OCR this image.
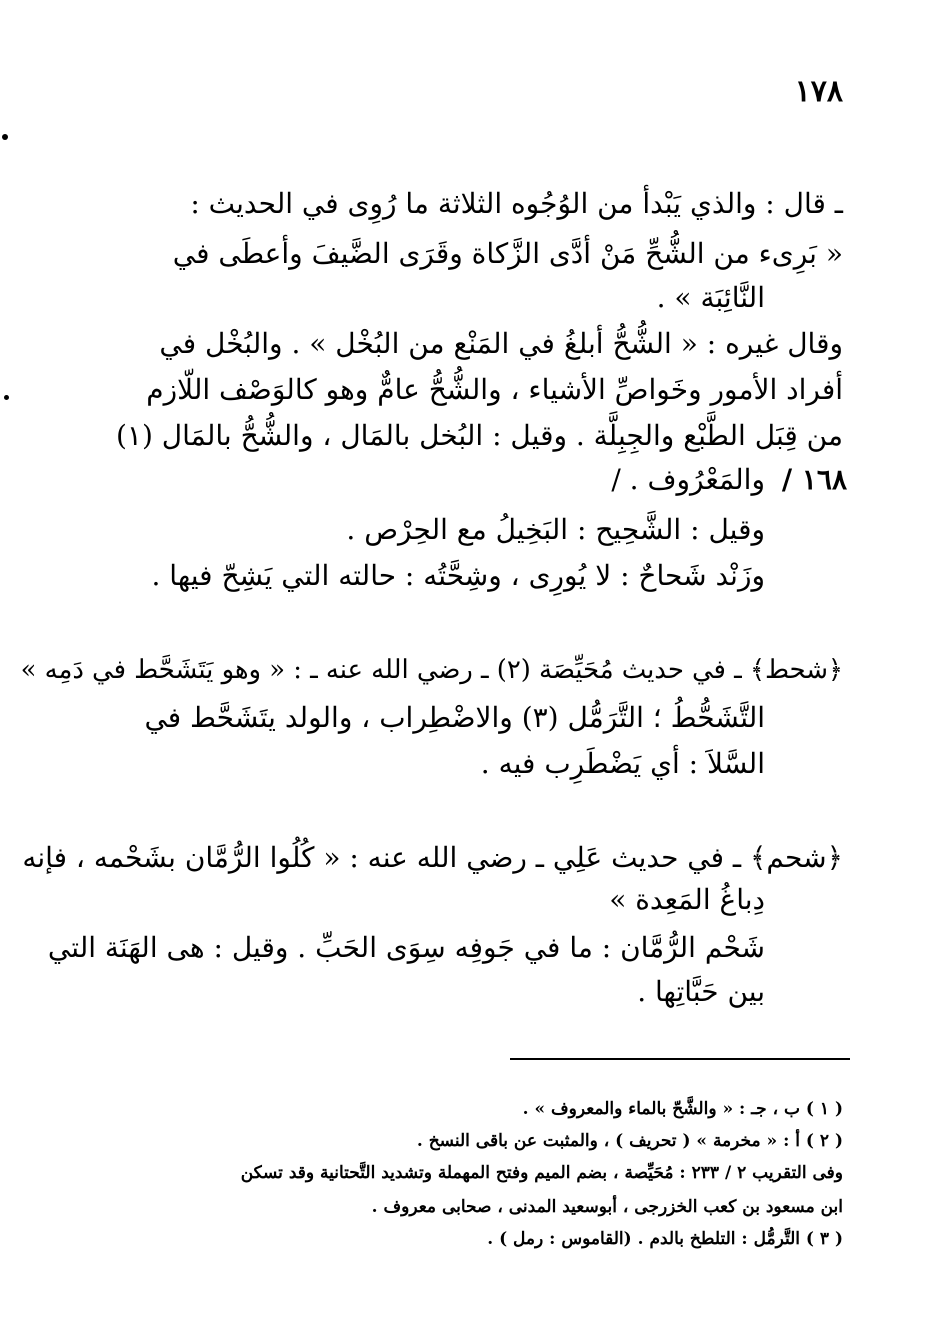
١٧٨
ـ قال : والذي يَبْدأ من الوُجُوه الثلاثة ما رُوِى في الحديث :
« بَرِىء من الشُّحِّ مَنْ أدَّى الزَّكاة وقَرَى الضَّيفَ وأعطَى في
النَّائِبَة » .
وقال غيره : « الشُّحُّ أبلغُ في المَنْع من البُخْل » . والبُخْل في
أفراد الأمور وخَواصِّ الأشياء ، والشُّحُّ عامٌّ وهو كالوَصْف اللّازم
من قِبَل الطَّبْع والجِبِلَّة . وقيل : البُخل بالمَال ، والشُّحُّ بالمَال (١)
١٦٨ /
والمَعْرُوف . /
وقيل : الشَّحِيح : البَخِيلُ مع الحِرْص .
وزَنْد شَحاحٌ : لا يُورِى ، وشِحَّتُه : حالته التي يَشِحّ فيها .
﴿شحط﴾ ـ في حديث مُحَيِّصَة (٢) ـ رضي الله عنه ـ : « وهو يَتَشَحَّط في دَمِه »
التَّشَحُّطُ ؛ التَّرَمُّل (٣) والاضْطِراب ، والولد يتَشَحَّط في
السَّلاَ : أي يَضْطَرِب فيه .
﴿شحم﴾ ـ في حديث عَلِي ـ رضي الله عنه : « كُلُوا الرُّمَّان بشَحْمه ، فإنه
دِباغُ المَعِدة »
شَحْم الرُّمَّان : ما في جَوفِه سِوَى الحَبِّ . وقيل : هى الهَنَة التي
بين حَبَّاتِها .
( ١ ) ب ، جـ : « والشَّحّ بالماء والمعروف » .
( ٢ ) أ : « مخرمة » ( تحريف ) ، والمثبت عن باقى النسخ .
وفى التقريب ٢ / ٢٣٣ : مُحَيِّصة ، بضم الميم وفتح المهملة وتشديد التَّحتانية وقد تسكن
ابن مسعود بن كعب الخزرجى ، أبوسعيد المدنى ، صحابى معروف .
( ٣ ) التَّرمُّل : التلطخ بالدم . (القاموس : رمل ) .
